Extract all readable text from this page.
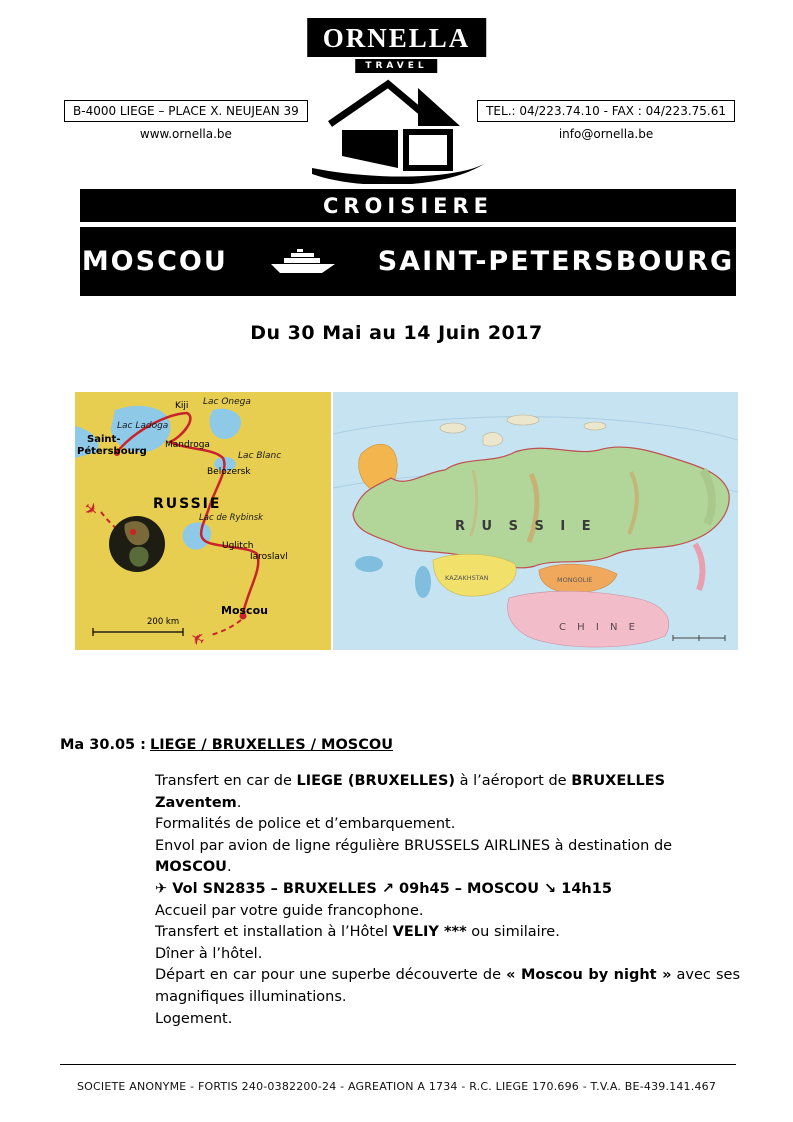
ORNELLA
TRAVEL
B-4000 LIEGE – PLACE X. NEUJEAN 39
www.ornella.be
TEL.: 04/223.74.10 - FAX : 04/223.75.61
info@ornella.be
CROISIERE
MOSCOU	SAINT-PETERSBOURG
Du 30 Mai au 14 Juin 2017
✈
✈
Lac Ladoga
Saint-
Pétersbourg
Kiji Lac Onega
Mandroga
Lac Blanc
Belozersk
RUSSIE
Lac de Rybinsk
Uglitch
Iaroslavl
Moscou
200 km
R U S S I E
KAZAKHSTAN	MONGOLIE
C H I N E
Ma 30.05 : LIEGE / BRUXELLES / MOSCOU
Transfert en car de LIEGE (BRUXELLES) à l’aéroport de BRUXELLES Zaventem.
Formalités de police et d’embarquement.
Envol par avion de ligne régulière BRUSSELS AIRLINES à destination de MOSCOU.
✈ Vol SN2835 – BRUXELLES ↗ 09h45 – MOSCOU ↘ 14h15
Accueil par votre guide francophone.
Transfert et installation à l’Hôtel VELIY *** ou similaire.
Dîner à l’hôtel.
Départ en car pour une superbe découverte de « Moscou by night » avec ses magnifiques illuminations.
Logement.
SOCIETE ANONYME - FORTIS 240-0382200-24 - AGREATION A 1734 - R.C. LIEGE 170.696 - T.V.A. BE-439.141.467
